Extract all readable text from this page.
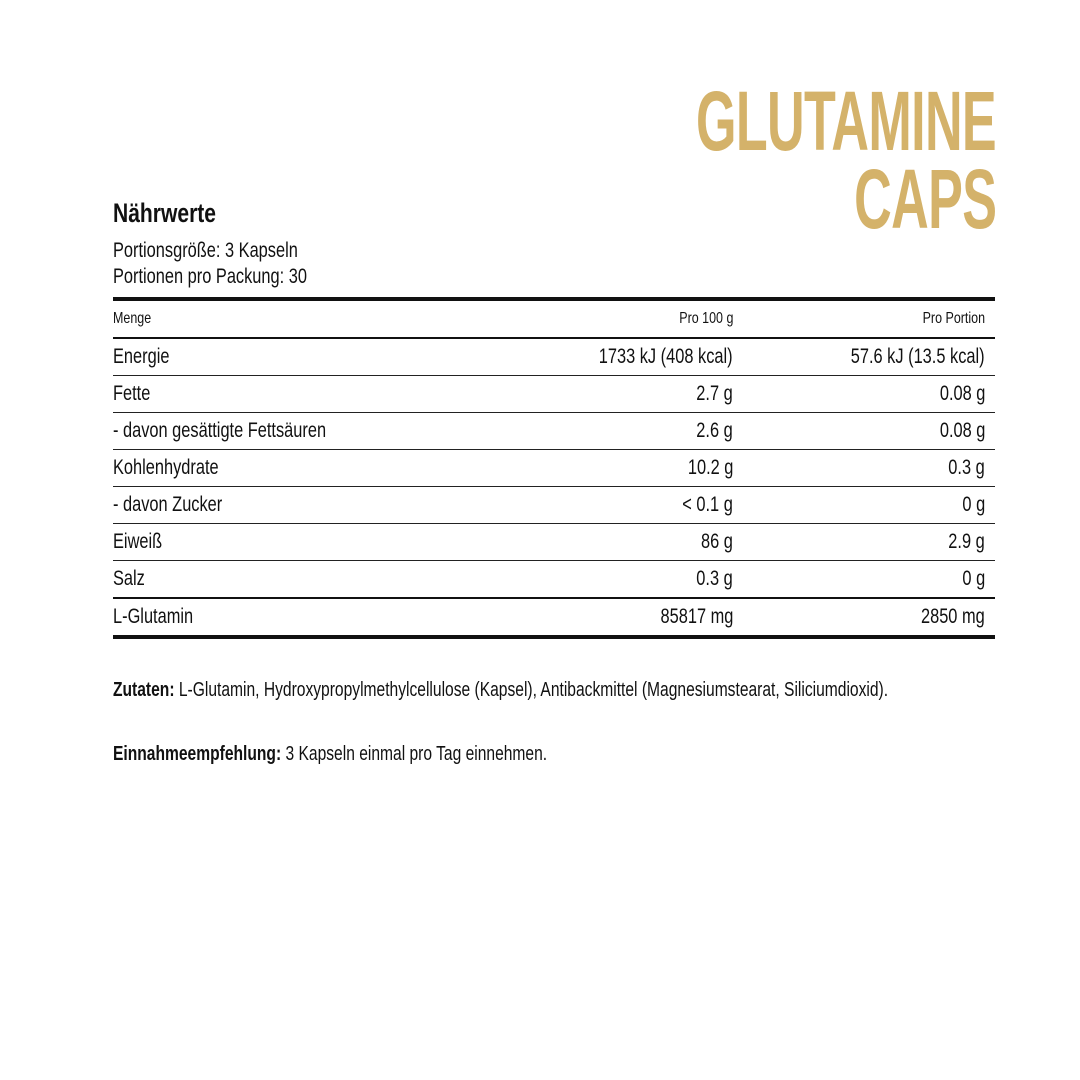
GLUTAMINE
CAPS
Nährwerte
Portionsgröße: 3 Kapseln
Portionen pro Packung: 30
Menge	Pro 100 g	Pro Portion
Energie	1733 kJ (408 kcal)	57.6 kJ (13.5 kcal)
Fette	2.7 g	0.08 g
- davon gesättigte Fettsäuren	2.6 g	0.08 g
Kohlenhydrate	10.2 g	0.3 g
- davon Zucker	< 0.1 g	0 g
Eiweiß	86 g	2.9 g
Salz	0.3 g	0 g
L-Glutamin	85817 mg	2850 mg
Zutaten: L-Glutamin, Hydroxypropylmethylcellulose (Kapsel), Antibackmittel (Magnesiumstearat, Siliciumdioxid).
Einnahmeempfehlung: 3 Kapseln einmal pro Tag einnehmen.
